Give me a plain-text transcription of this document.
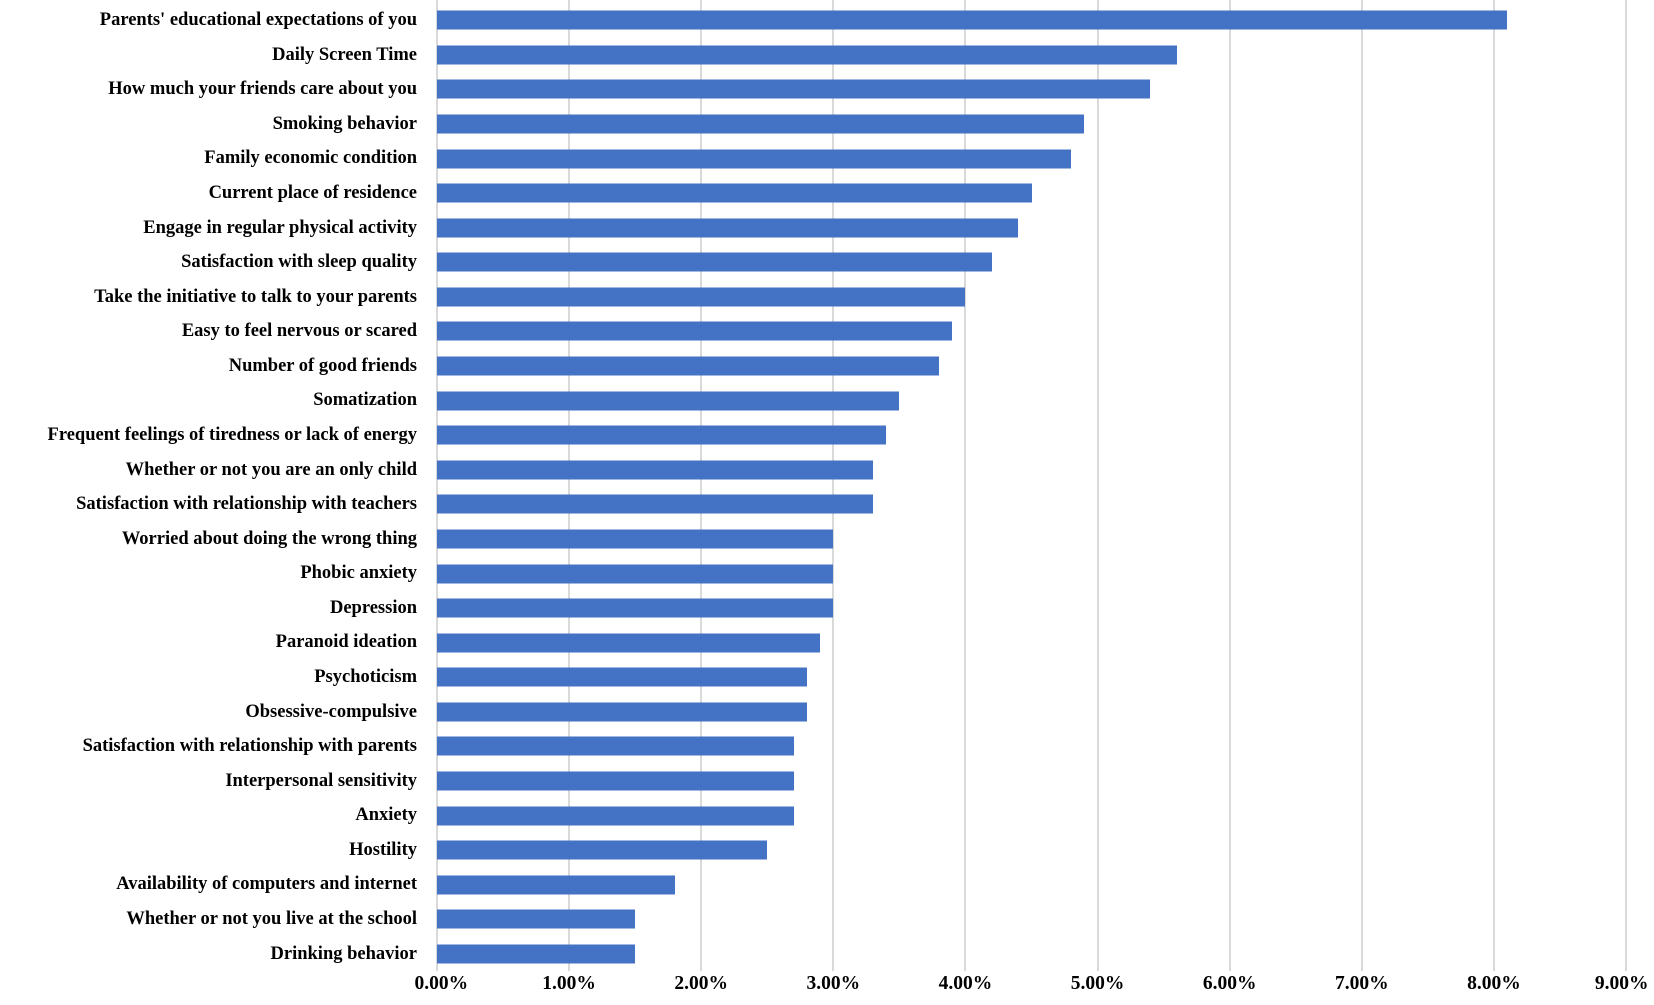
Parents' educational expectations of you
Daily Screen Time
How much your friends care about you
Smoking behavior
Family economic condition
Current place of residence
Engage in regular physical activity
Satisfaction with sleep quality
Take the initiative to talk to your parents
Easy to feel nervous or scared
Number of good friends
Somatization
Frequent feelings of tiredness or lack of energy
Whether or not you are an only child
Satisfaction with relationship with teachers
Worried about doing the wrong thing
Phobic anxiety
Depression
Paranoid ideation
Psychoticism
Obsessive-compulsive
Satisfaction with relationship with parents
Interpersonal sensitivity
Anxiety
Hostility
Availability of computers and internet
Whether or not you live at the school
Drinking behavior
0.00%	1.00%	2.00%	3.00%	4.00%	5.00%	6.00%	7.00%	8.00%	9.00%
